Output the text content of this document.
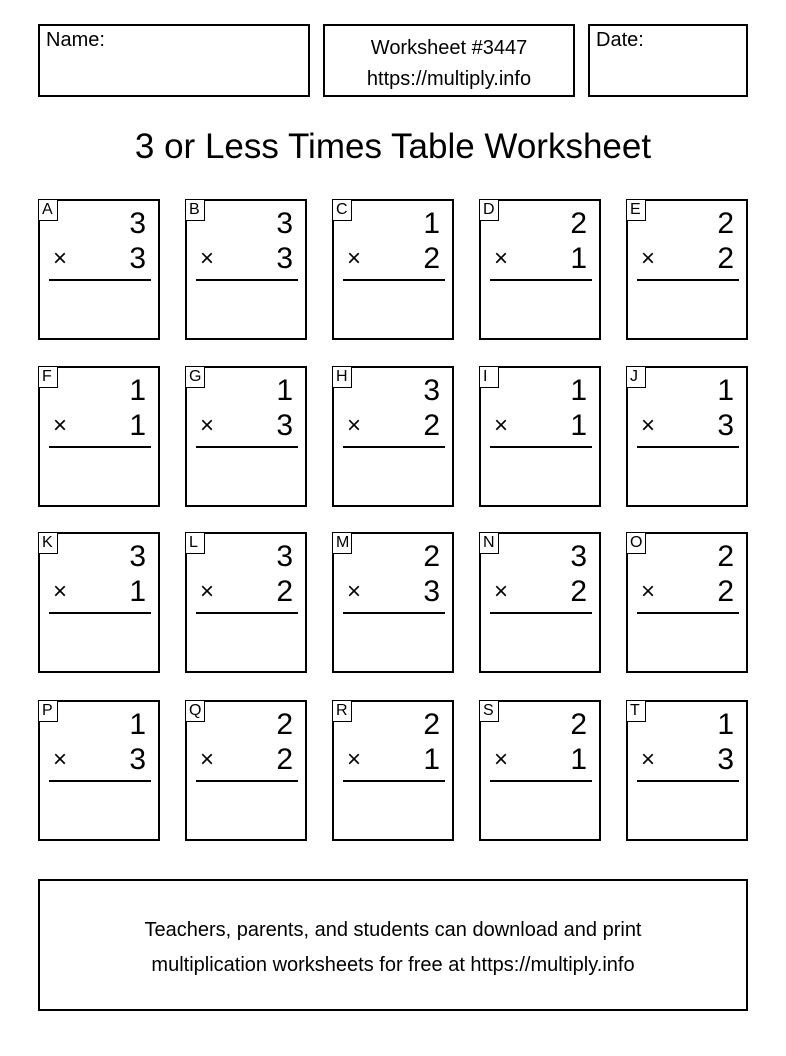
Name:	Worksheet #3447
https://multiply.info
Date:
3 or Less Times Table Worksheet
A	3
× 3
B	3
× 3
C	1
× 2
D	2
× 1
E	2
× 2
F	1
× 1
G 1
× 3
H	3
× 2
I	1
× 1
J	1
× 3
K	3
× 1
L	3
× 2
M 2
× 3
N	3
× 2
O 2
× 2
P	1
× 3
Q 2
× 2
R	2
× 1
S	2
× 1
T	1
× 3
Teachers, parents, and students can download and print
multiplication worksheets for free at https://multiply.info
